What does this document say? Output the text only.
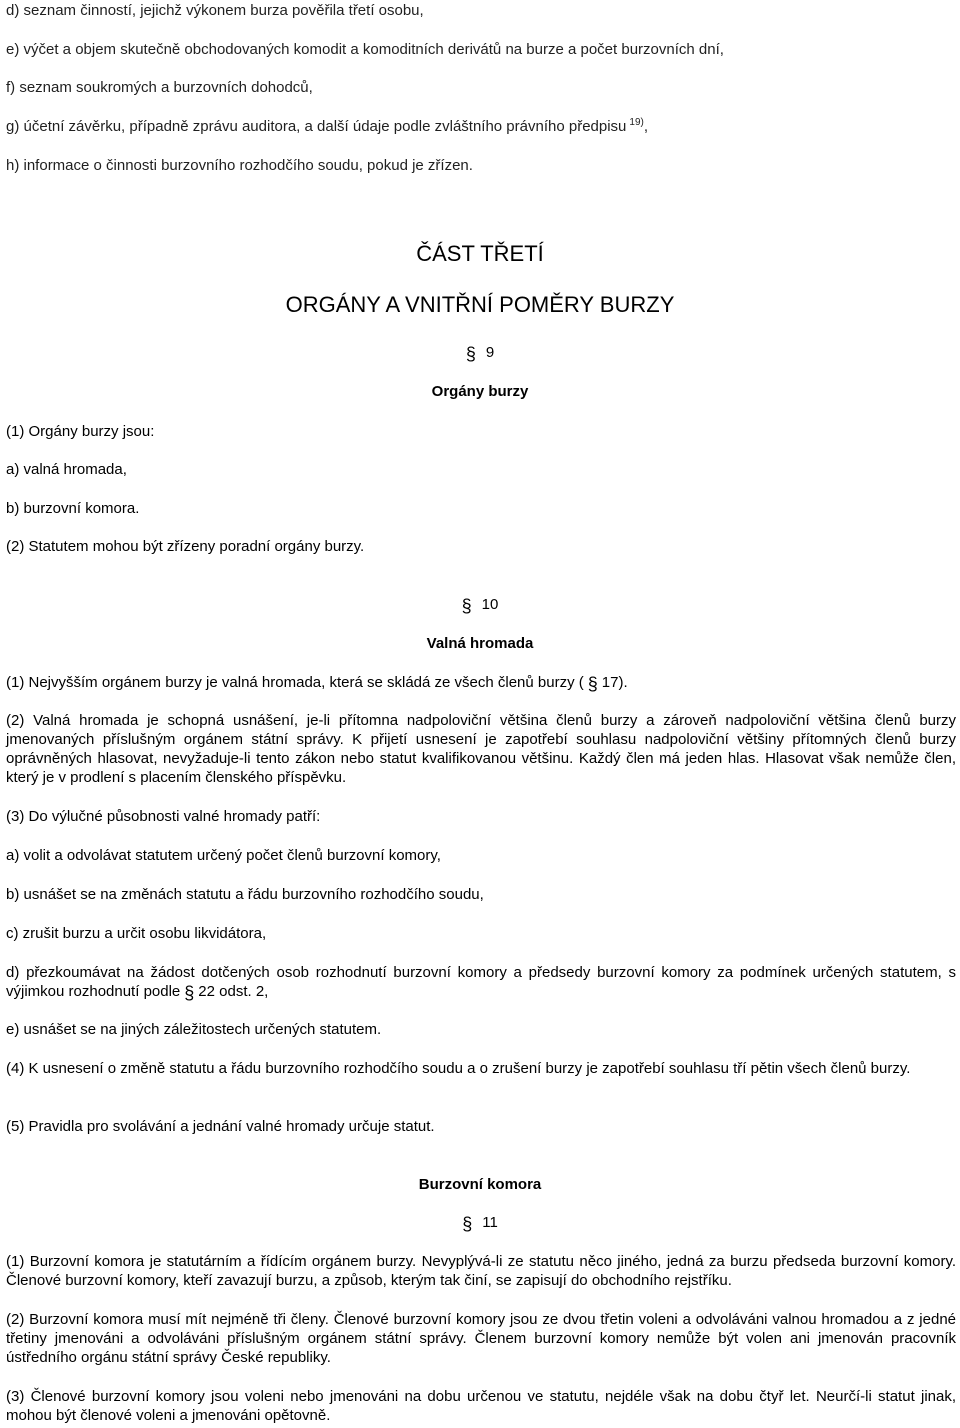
d) seznam činností, jejichž výkonem burza pověřila třetí osobu,
e) výčet a objem skutečně obchodovaných komodit a komoditních derivátů na burze a počet burzovních dní,
f) seznam soukromých a burzovních dohodců,
g) účetní závěrku, případně zprávu auditora, a další údaje podle zvláštního právního předpisu  $^{19)}$,
h) informace o činnosti burzovního rozhodčího soudu, pokud je zřízen.
ČÁST TŘETÍ
ORGÁNY A VNITŘNÍ POMĚRY BURZY
§ 9
Orgány burzy
(1) Orgány burzy jsou:
a) valná hromada,
b) burzovní komora.
(2) Statutem mohou být zřízeny poradní orgány burzy.
§ 10
Valná hromada
(1) Nejvyšším orgánem burzy je valná hromada, která se skládá ze všech členů burzy ( § 17).
(2) Valná hromada je schopná usnášení, je-li přítomna nadpoloviční většina členů burzy a zároveň nadpoloviční většina členů burzy jmenovaných příslušným orgánem státní správy. K přijetí usnesení je zapotřebí souhlasu nadpoloviční většiny přítomných členů burzy oprávněných hlasovat, nevyžaduje-li tento zákon nebo statut kvalifikovanou většinu. Každý člen má jeden hlas. Hlasovat však nemůže člen, který je v prodlení s placením členského příspěvku.
(3) Do výlučné působnosti valné hromady patří:
a) volit a odvolávat statutem určený počet členů burzovní komory,
b) usnášet se na změnách statutu a řádu burzovního rozhodčího soudu,
c) zrušit burzu a určit osobu likvidátora,
d) přezkoumávat na žádost dotčených osob rozhodnutí burzovní komory a předsedy burzovní komory za podmínek určených statutem, s výjimkou rozhodnutí podle § 22 odst. 2,
e) usnášet se na jiných záležitostech určených statutem.
(4) K usnesení o změně statutu a řádu burzovního rozhodčího soudu a o zrušení burzy je zapotřebí souhlasu tří pětin všech členů burzy.
(5) Pravidla pro svolávání a jednání valné hromady určuje statut.
Burzovní komora
§ 11
(1) Burzovní komora je statutárním a řídícím orgánem burzy. Nevyplývá-li ze statutu něco jiného, jedná za burzu předseda burzovní komory. Členové burzovní komory, kteří zavazují burzu, a způsob, kterým tak činí, se zapisují do obchodního rejstříku.
(2) Burzovní komora musí mít nejméně tři členy. Členové burzovní komory jsou ze dvou třetin voleni a odvoláváni valnou hromadou a z jedné třetiny jmenováni a odvoláváni příslušným orgánem státní správy. Členem burzovní komory nemůže být volen ani jmenován pracovník ústředního orgánu státní správy České republiky.
(3) Členové burzovní komory jsou voleni nebo jmenováni na dobu určenou ve statutu, nejdéle však na dobu čtyř let. Neurčí-li statut jinak, mohou být členové voleni a jmenováni opětovně.
